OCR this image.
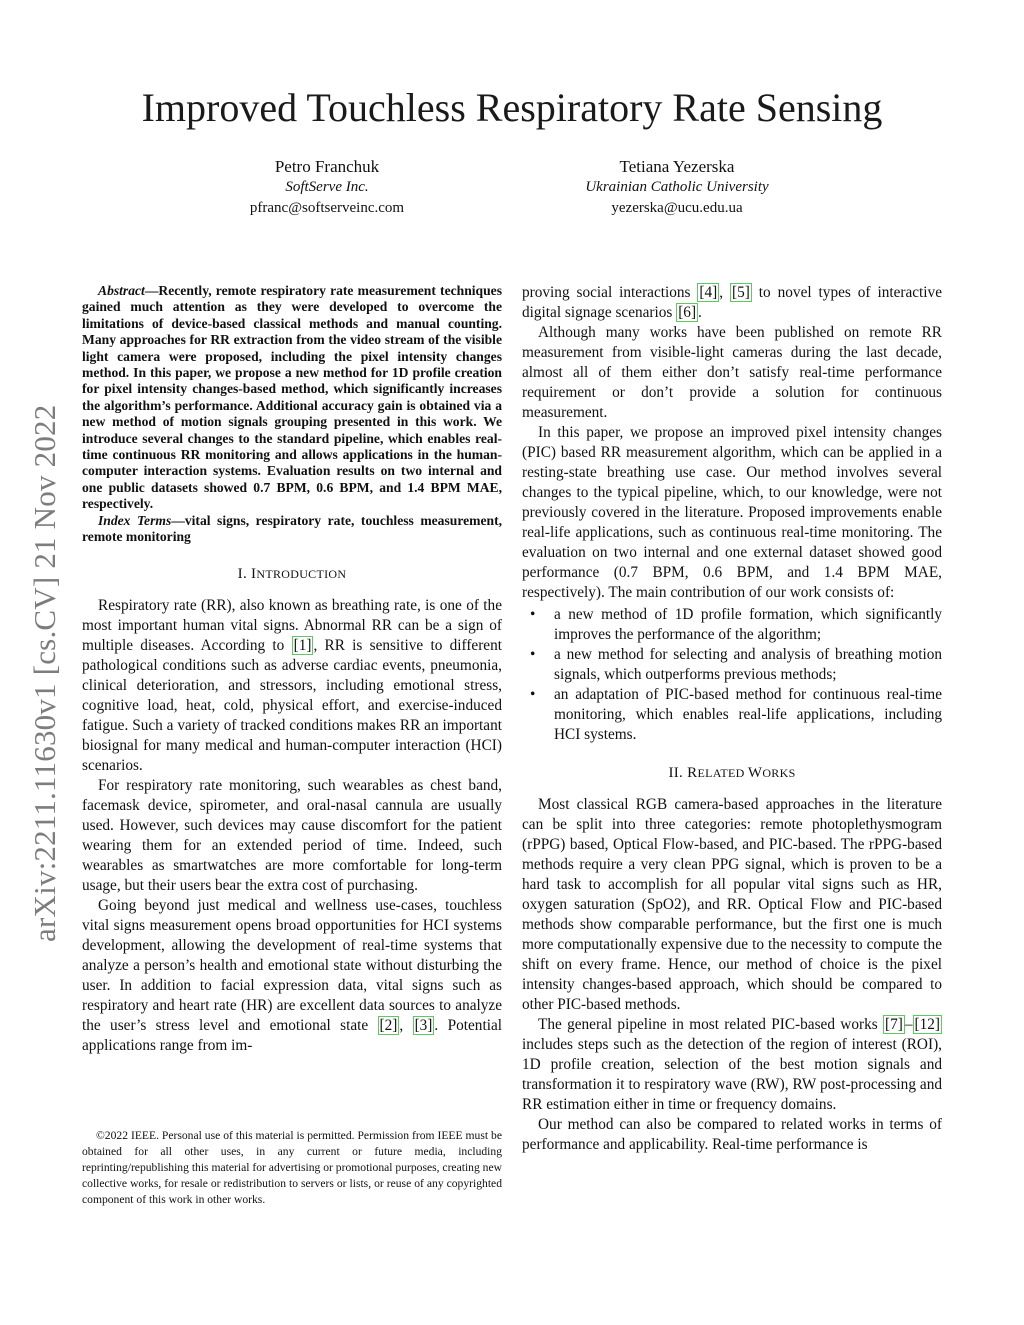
Improved Touchless Respiratory Rate Sensing
Petro Franchuk
SoftServe Inc.
pfranc@softserveinc.com
Tetiana Yezerska
Ukrainian Catholic University
yezerska@ucu.edu.ua
arXiv:2211.11630v1 [cs.CV] 21 Nov 2022

Abstract—Recently, remote respiratory rate measurement techniques gained much attention as they were developed to overcome the limitations of device-based classical methods and manual counting. Many approaches for RR extraction from the video stream of the visible light camera were proposed, including the pixel intensity changes method. In this paper, we propose a new method for 1D profile creation for pixel intensity changes-based method, which significantly increases the algorithm’s performance. Additional accuracy gain is obtained via a new method of motion signals grouping presented in this work. We introduce several changes to the standard pipeline, which enables real-time continuous RR monitoring and allows applications in the human-computer interaction systems. Evaluation results on two internal and one public datasets showed 0.7 BPM, 0.6 BPM, and 1.4 BPM MAE, respectively.

Index Terms—vital signs, respiratory rate, touchless measurement, remote monitoring

I. INTRODUCTION

Respiratory rate (RR), also known as breathing rate, is one of the most important human vital signs. Abnormal RR can be a sign of multiple diseases. According to [1] , RR is sensitive to different pathological conditions such as adverse cardiac events, pneumonia, clinical deterioration, and stressors, including emotional stress, cognitive load, heat, cold, physical effort, and exercise-induced fatigue. Such a variety of tracked conditions makes RR an important biosignal for many medical and human-computer interaction (HCI) scenarios.

For respiratory rate monitoring, such wearables as chest band, facemask device, spirometer, and oral-nasal cannula are usually used. However, such devices may cause discomfort for the patient wearing them for an extended period of time. Indeed, such wearables as smartwatches are more comfortable for long-term usage, but their users bear the extra cost of purchasing.

Going beyond just medical and wellness use-cases, touchless vital signs measurement opens broad opportunities for HCI systems development, allowing the development of real-time systems that analyze a person’s health and emotional state without disturbing the user. In addition to facial expression data, vital signs such as respiratory and heart rate (HR) are excellent data sources to analyze the user’s stress level and emotional state [2] , [3] . Potential applications range from im-

©2022 IEEE. Personal use of this material is permitted. Permission from IEEE must be obtained for all other uses, in any current or future media, including reprinting/republishing this material for advertising or promotional purposes, creating new collective works, for resale or redistribution to servers or lists, or reuse of any copyrighted component of this work in other works.

proving social interactions [4] , [5] to novel types of interactive digital signage scenarios [6] .

Although many works have been published on remote RR measurement from visible-light cameras during the last decade, almost all of them either don’t satisfy real-time performance requirement or don’t provide a solution for continuous measurement.

In this paper, we propose an improved pixel intensity changes (PIC) based RR measurement algorithm, which can be applied in a resting-state breathing use case. Our method involves several changes to the typical pipeline, which, to our knowledge, were not previously covered in the literature. Proposed improvements enable real-life applications, such as continuous real-time monitoring. The evaluation on two internal and one external dataset showed good performance (0.7 BPM, 0.6 BPM, and 1.4 BPM MAE, respectively). The main contribution of our work consists of:

• a new method of 1D profile formation, which significantly improves the performance of the algorithm;
• a new method for selecting and analysis of breathing motion signals, which outperforms previous methods;
• an adaptation of PIC-based method for continuous real-time monitoring, which enables real-life applications, including HCI systems.
II. RELATED WORKS

Most classical RGB camera-based approaches in the literature can be split into three categories: remote photoplethysmogram (rPPG) based, Optical Flow-based, and PIC-based. The rPPG-based methods require a very clean PPG signal, which is proven to be a hard task to accomplish for all popular vital signs such as HR, oxygen saturation (SpO2), and RR. Optical Flow and PIC-based methods show comparable performance, but the first one is much more computationally expensive due to the necessity to compute the shift on every frame. Hence, our method of choice is the pixel intensity changes-based approach, which should be compared to other PIC-based methods.

The general pipeline in most related PIC-based works [7] – [12] includes steps such as the detection of the region of interest (ROI), 1D profile creation, selection of the best motion signals and transformation it to respiratory wave (RW), RW post-processing and RR estimation either in time or frequency domains.

Our method can also be compared to related works in terms of performance and applicability. Real-time performance is
